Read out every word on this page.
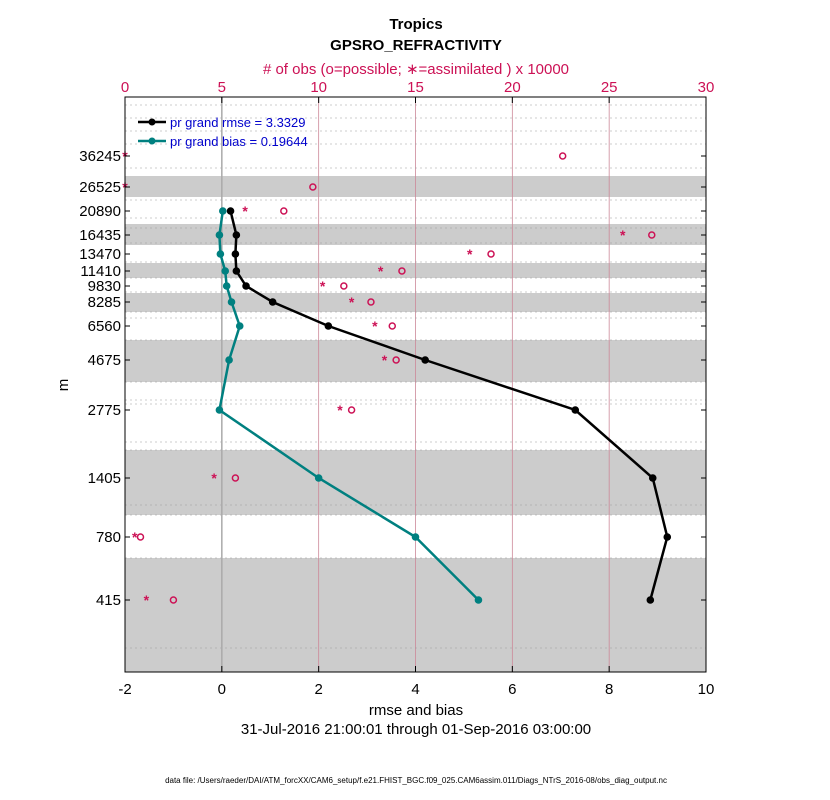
Tropics
GPSRO_REFRACTIVITY
# of obs (o=possible; ∗=assimilated ) x 10000
*
*
*
*
*
*
*
*
*
*
*
*
*
*
-2	0	2	4	6	8	10
0	5	10	15	20	25	30
36245
26525
20890
16435
13470
11410
9830
8285
6560
4675
2775
1405
780
415
pr grand rmse = 3.3329
pr grand bias = 0.19644
rmse and bias
m
31-Jul-2016 21:00:01 through 01-Sep-2016 03:00:00
data file: /Users/raeder/DAI/ATM_forcXX/CAM6_setup/f.e21.FHIST_BGC.f09_025.CAM6assim.011/Diags_NTrS_2016-08/obs_diag_output.nc
